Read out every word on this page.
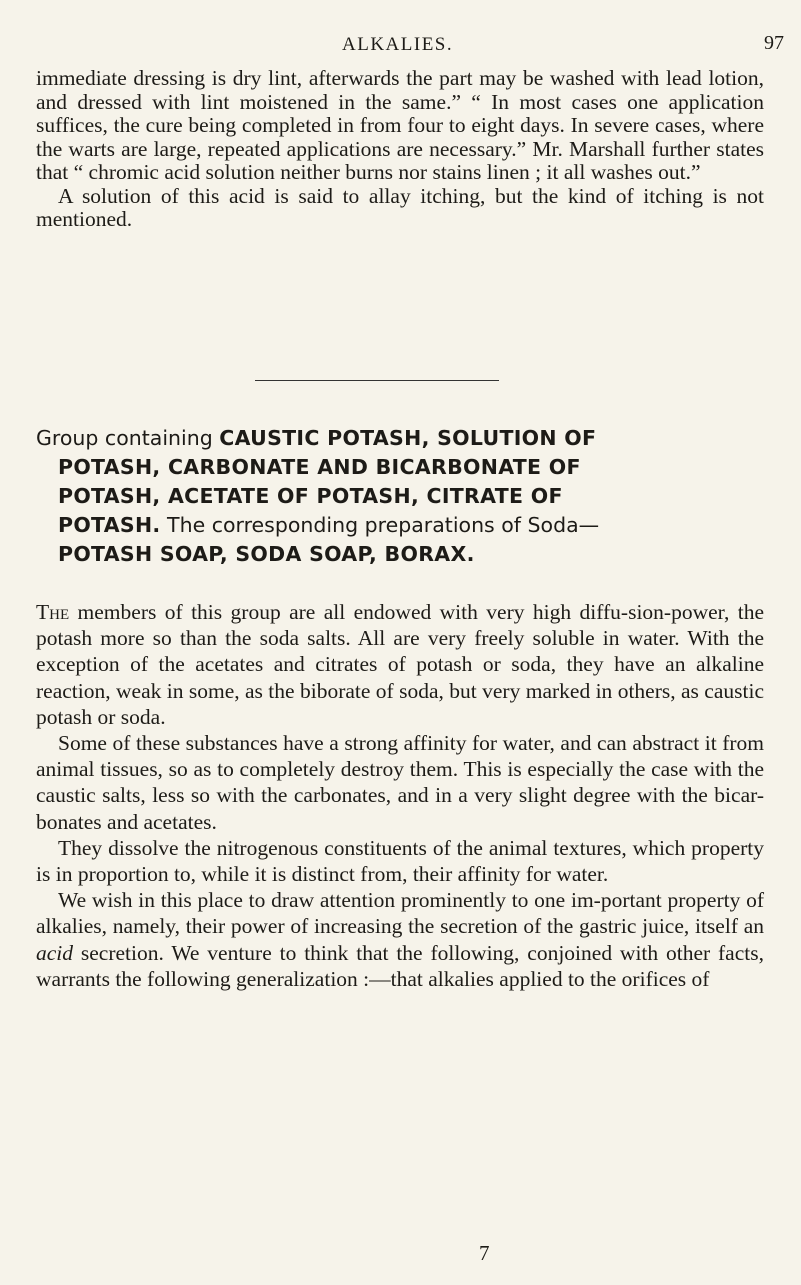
ALKALIES.	97

immediate dressing is dry lint, afterwards the part may be washed with lead lotion, and dressed with lint moistened in the same.” “ In most cases one application suffices, the cure being completed in from four to eight days. In severe cases, where the warts are large, repeated applications are necessary.” Mr. Marshall further states that “ chromic acid solution neither burns nor stains linen ; it all washes out.”

A solution of this acid is said to allay itching, but the kind of itching is not mentioned.

Group containing CAUSTIC POTASH, SOLUTION OF
POTASH, CARBONATE AND BICARBONATE OF
POTASH, ACETATE OF POTASH, CITRATE OF
POTASH. The corresponding preparations of Soda—
POTASH SOAP, SODA SOAP, BORAX.

The members of this group are all endowed with very high diffu-sion-power, the potash more so than the soda salts. All are very freely soluble in water. With the exception of the acetates and citrates of potash or soda, they have an alkaline reaction, weak in some, as the biborate of soda, but very marked in others, as caustic potash or soda.

Some of these substances have a strong affinity for water, and can abstract it from animal tissues, so as to completely destroy them. This is especially the case with the caustic salts, less so with the carbonates, and in a very slight degree with the bicar-bonates and acetates.

They dissolve the nitrogenous constituents of the animal textures, which property is in proportion to, while it is distinct from, their affinity for water.

We wish in this place to draw attention prominently to one im-portant property of alkalies, namely, their power of increasing the secretion of the gastric juice, itself an acid secretion. We venture to think that the following, conjoined with other facts, warrants the following generalization :—that alkalies applied to the orifices of

7
